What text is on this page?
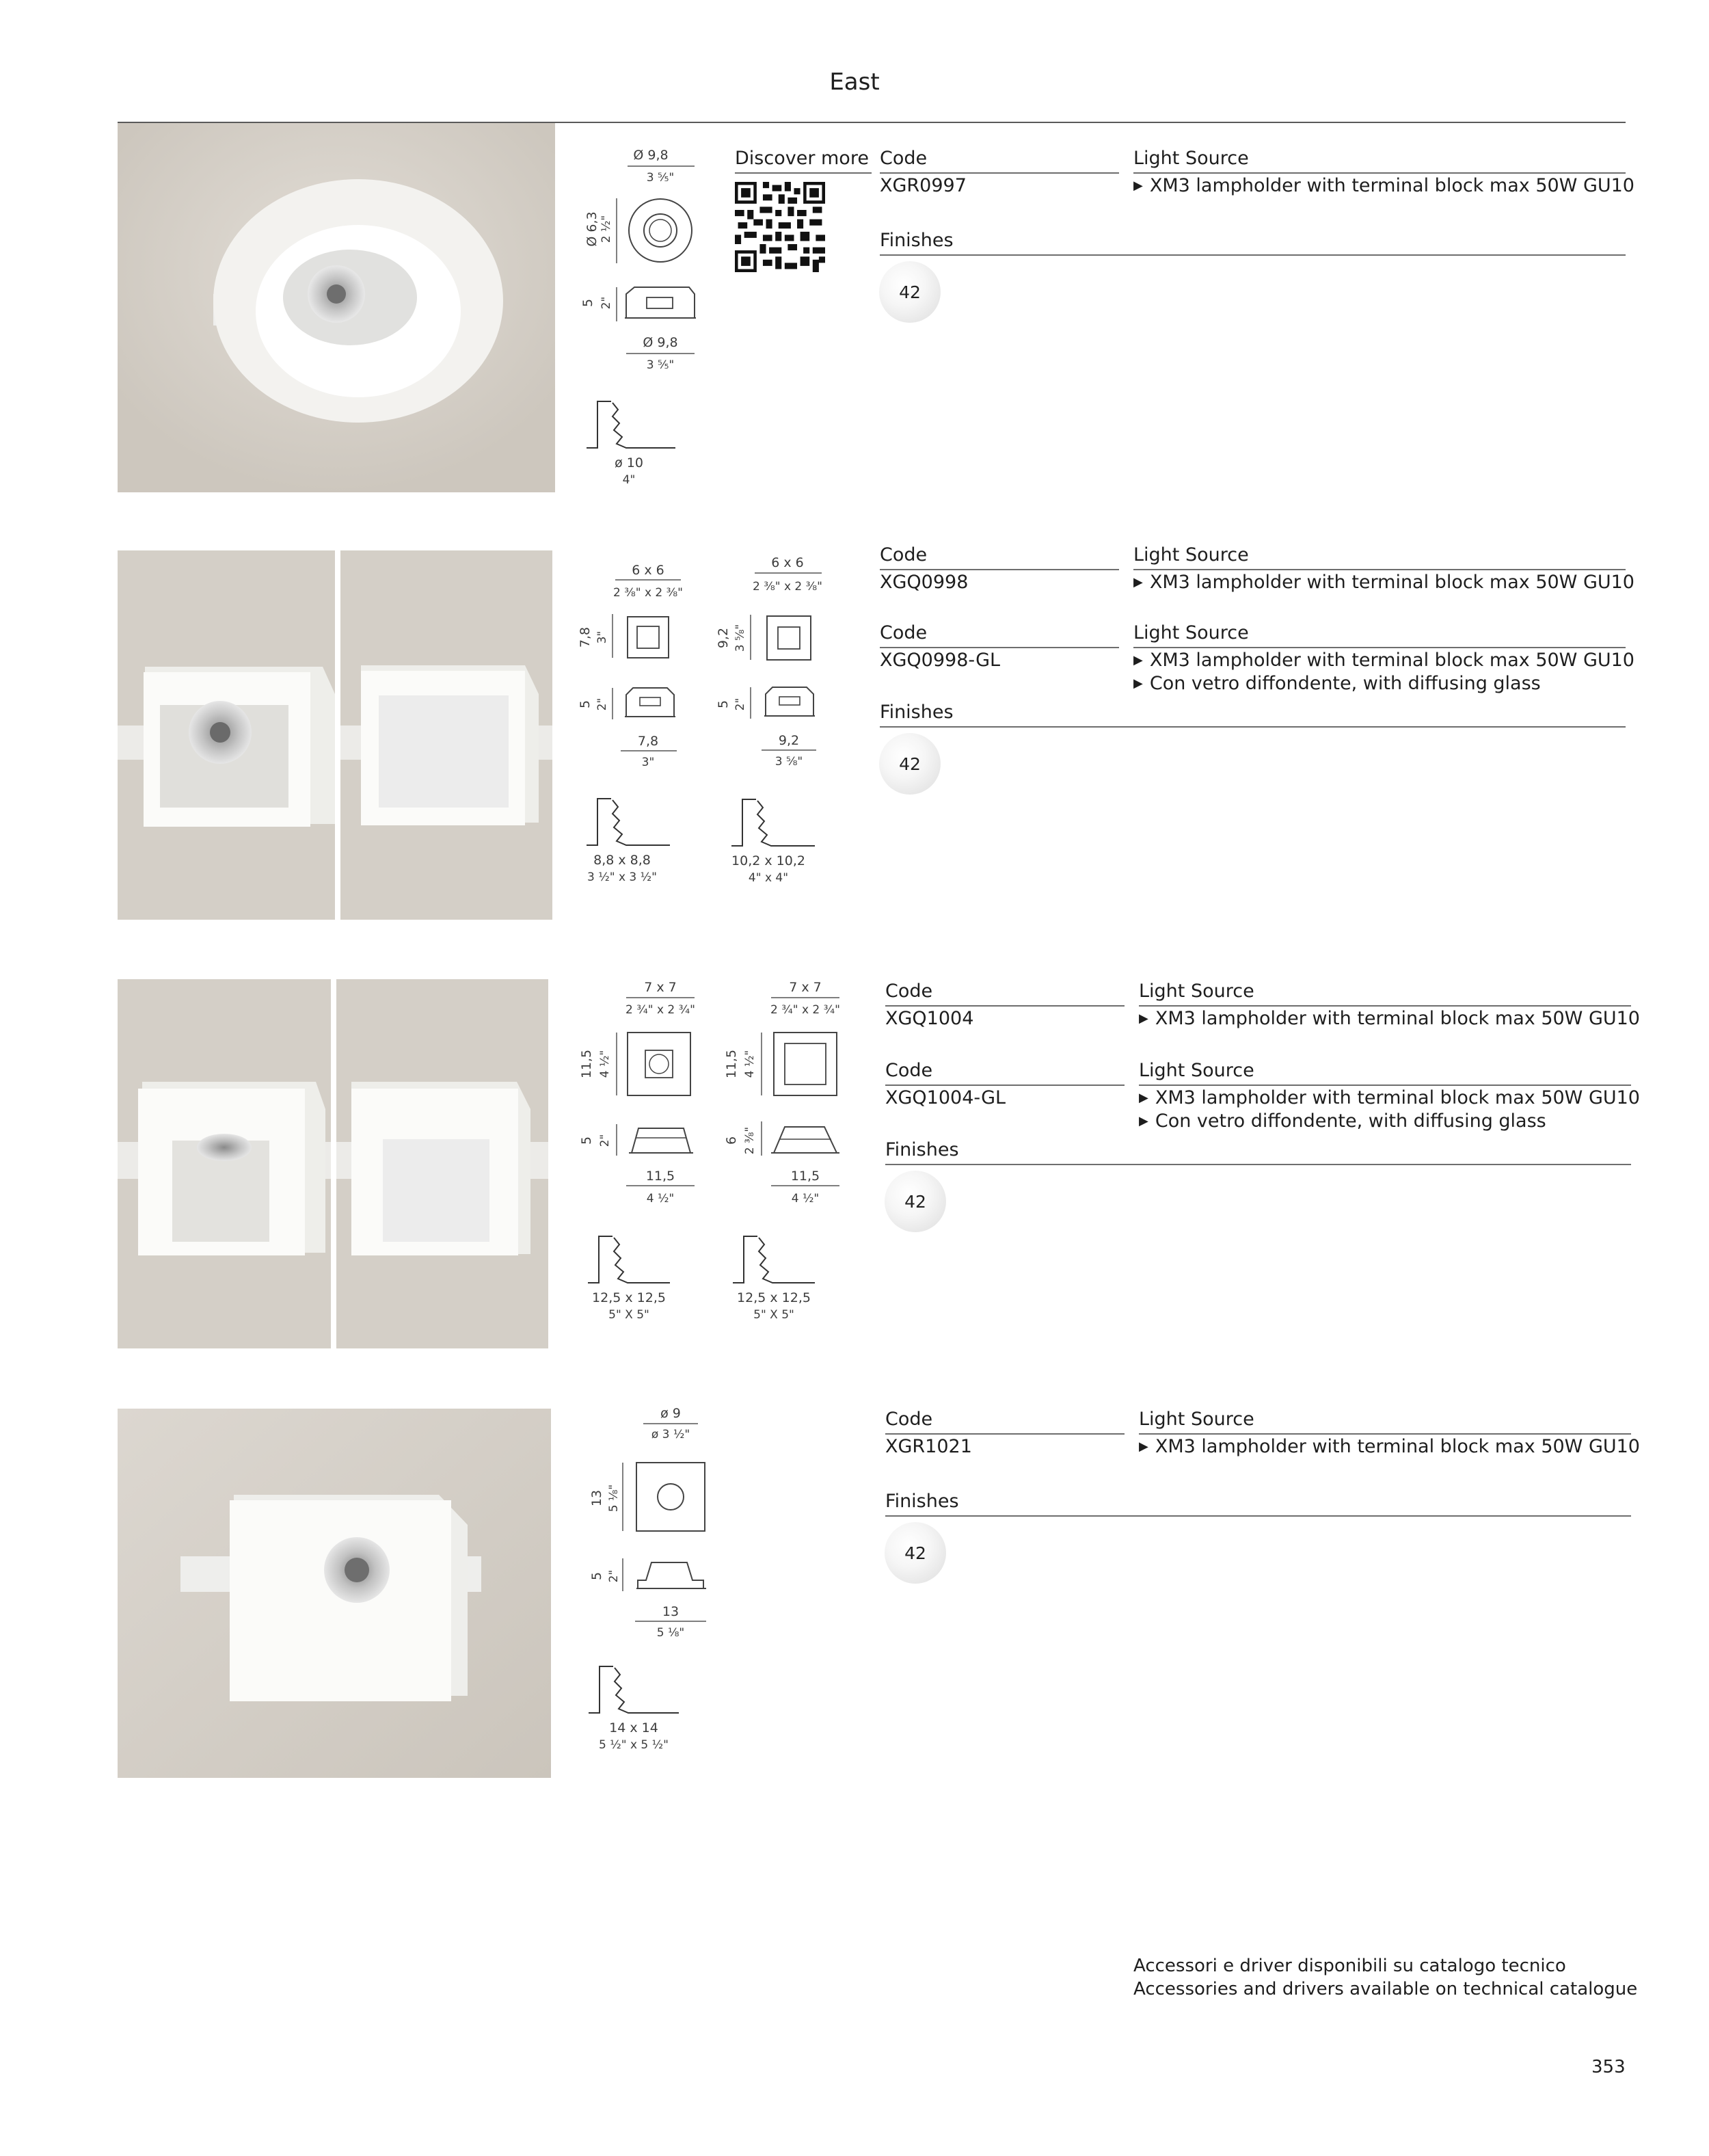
East
Ø 9,8
3 ⁵⁄₅"
Ø 6,3 2 ½"
5 2"
Ø 9,8
3 ⁵⁄₅"
ø 10
4"
Discover more Code
XGR0997
Light Source
▶ XM3 lampholder with terminal block max 50W GU10
Finishes
42
6 x 6
2 ⅜" x 2 ⅜"
7,8 3"
5 2"
7,8
3"
8,8 x 8,8
3 ½" x 3 ½"
6 x 6
2 ⅜" x 2 ⅜"
9,2 3 ⅝"
5 2"
9,2
3 ⅝"
10,2 x 10,2
4" x 4"
Code
XGQ0998
Light Source
▶ XM3 lampholder with terminal block max 50W GU10
Code
XGQ0998-GL
Light Source
▶ XM3 lampholder with terminal block max 50W GU10
▶ Con vetro diffondente, with diffusing glass
Finishes
42
7 x 7
2 ¾" x 2 ¾"
11,5 4 ½"
5 2"
11,5
4 ½"
12,5 x 12,5
5" X 5"
7 x 7
2 ¾" x 2 ¾"
11,5 4 ½"
6 2 ⅜"
11,5
4 ½"
12,5 x 12,5
5" X 5"
Code
XGQ1004
Light Source
▶ XM3 lampholder with terminal block max 50W GU10
Code
XGQ1004-GL
Light Source
▶ XM3 lampholder with terminal block max 50W GU10
▶ Con vetro diffondente, with diffusing glass
Finishes
42
ø 9
ø 3 ½"
13 5 ⅛"
5 2"
13
5 ⅛"
14 x 14
5 ½" x 5 ½"
Code
XGR1021
Light Source
▶ XM3 lampholder with terminal block max 50W GU10
Finishes
42
Accessori e driver disponibili su catalogo tecnico
Accessories and drivers available on technical catalogue
353
